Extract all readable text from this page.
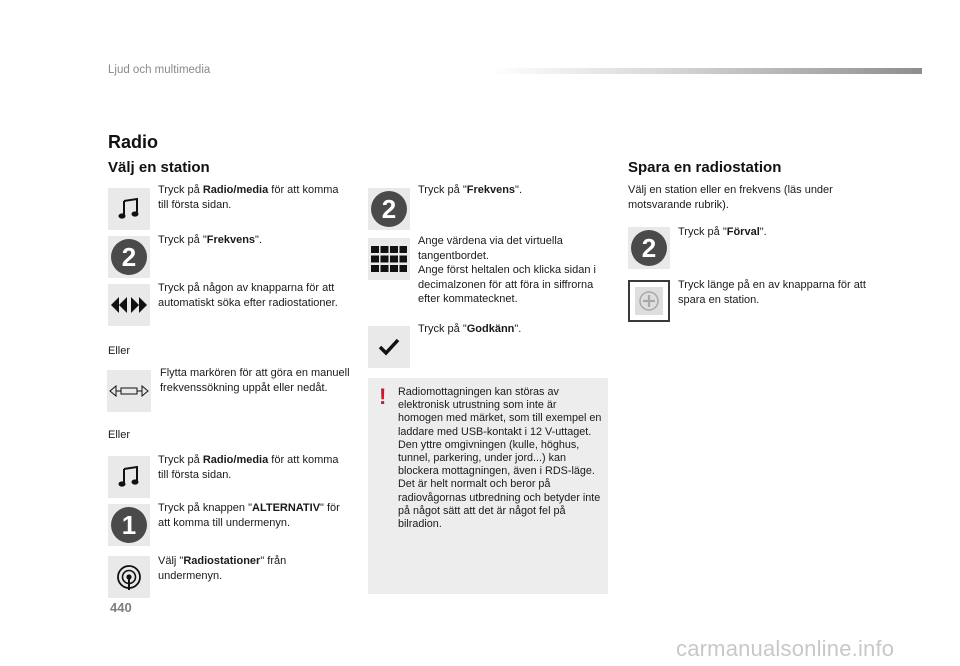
Ljud och multimedia
Radio
Välj en station
Tryck på Radio/media för att komma till första sidan.
2
Tryck på "Frekvens".
Tryck på någon av knapparna för att automatiskt söka efter radiostationer.
Eller
Flytta markören för att göra en manuell frekvenssökning uppåt eller nedåt.
Eller
Tryck på Radio/media för att komma till första sidan.
1
Tryck på knappen "ALTERNATIV" för att komma till undermenyn.
Välj "Radiostationer" från undermenyn.
2
Tryck på "Frekvens".
Ange värdena via det virtuella tangentbordet.
Ange först heltalen och klicka sidan i decimalzonen för att föra in siffrorna efter kommatecknet.
Tryck på "Godkänn".
! Radiomottagningen kan störas av elektronisk utrustning som inte är homogen med märket, som till exempel en laddare med USB-kontakt i 12 V-uttaget.
Den yttre omgivningen (kulle, höghus, tunnel, parkering, under jord...) kan blockera mottagningen, även i RDS-läge. Det är helt normalt och beror på radiovågornas utbredning och betyder inte på något sätt att det är något fel på bilradion.
Spara en radiostation
Välj en station eller en frekvens (läs under motsvarande rubrik).
2
Tryck på "Förval".
Tryck länge på en av knapparna för att spara en station.
440
carmanualsonline.info
